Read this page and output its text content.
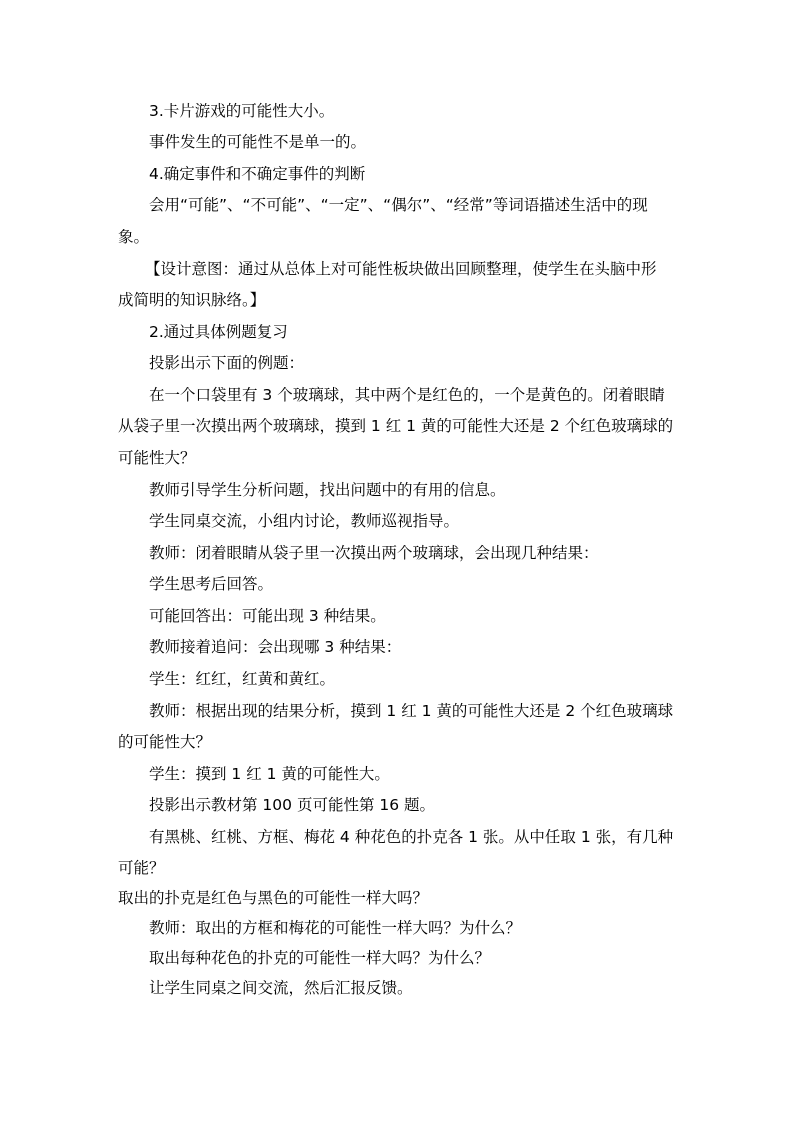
3.卡片游戏的可能性大小。
事件发生的可能性不是单一的。
4.确定事件和不确定事件的判断
会用“可能”、“不可能”、“一定”、“偶尔”、“经常”等词语描述生活中的现
象。
【设计意图：通过从总体上对可能性板块做出回顾整理，使学生在头脑中形
成简明的知识脉络。】
2.通过具体例题复习
投影出示下面的例题：
在一个口袋里有 3 个玻璃球，其中两个是红色的，一个是黄色的。闭着眼睛
从袋子里一次摸出两个玻璃球，摸到 1 红 1 黄的可能性大还是 2 个红色玻璃球的
可能性大？
教师引导学生分析问题，找出问题中的有用的信息。
学生同桌交流，小组内讨论，教师巡视指导。
教师：闭着眼睛从袋子里一次摸出两个玻璃球，会出现几种结果：
学生思考后回答。
可能回答出：可能出现 3 种结果。
教师接着追问：会出现哪 3 种结果：
学生：红红，红黄和黄红。
教师：根据出现的结果分析，摸到 1 红 1 黄的可能性大还是 2 个红色玻璃球
的可能性大？
学生：摸到 1 红 1 黄的可能性大。
投影出示教材第 100 页可能性第 16 题。
有黑桃、红桃、方框、梅花 4 种花色的扑克各 1 张。从中任取 1 张，有几种
可能？
取出的扑克是红色与黑色的可能性一样大吗？
教师：取出的方框和梅花的可能性一样大吗？为什么？
取出每种花色的扑克的可能性一样大吗？为什么？
让学生同桌之间交流，然后汇报反馈。
